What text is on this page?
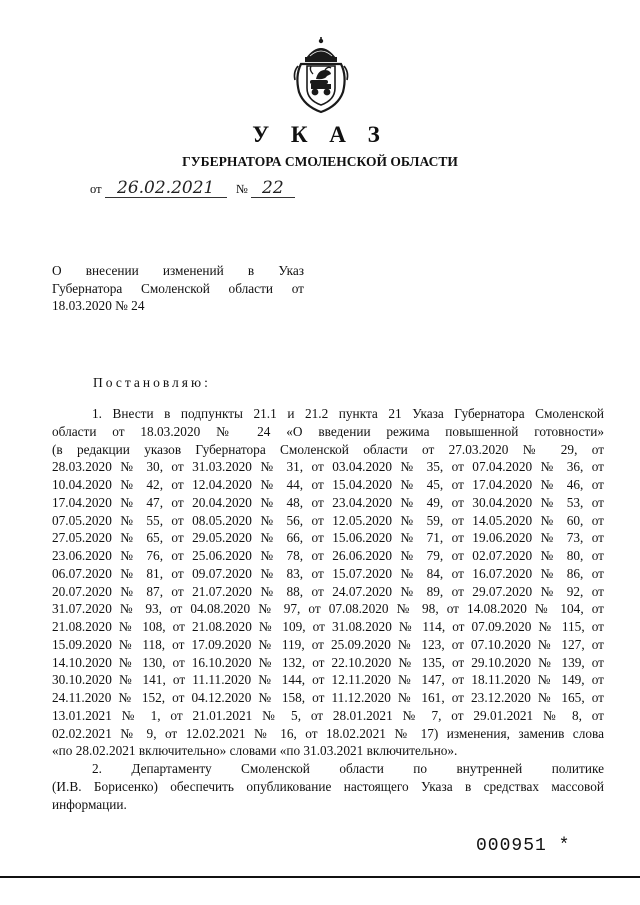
У К А З
ГУБЕРНАТОРА СМОЛЕНСКОЙ ОБЛАСТИ
от 26.02.2021 № 22
О внесении изменений в Указ
Губернатора Смоленской области от
18.03.2020 № 24
Постановляю:
1. Внести в подпункты 21.1 и 21.2 пункта 21 Указа Губернатора Смоленской
области от 18.03.2020 № 24 «О введении режима повышенной готовности»
(в редакции указов Губернатора Смоленской области от 27.03.2020 № 29, от
28.03.2020 № 30, от 31.03.2020 № 31, от 03.04.2020 № 35, от 07.04.2020 № 36, от
10.04.2020 № 42, от 12.04.2020 № 44, от 15.04.2020 № 45, от 17.04.2020 № 46, от
17.04.2020 № 47, от 20.04.2020 № 48, от 23.04.2020 № 49, от 30.04.2020 № 53, от
07.05.2020 № 55, от 08.05.2020 № 56, от 12.05.2020 № 59, от 14.05.2020 № 60, от
27.05.2020 № 65, от 29.05.2020 № 66, от 15.06.2020 № 71, от 19.06.2020 № 73, от
23.06.2020 № 76, от 25.06.2020 № 78, от 26.06.2020 № 79, от 02.07.2020 № 80, от
06.07.2020 № 81, от 09.07.2020 № 83, от 15.07.2020 № 84, от 16.07.2020 № 86, от
20.07.2020 № 87, от 21.07.2020 № 88, от 24.07.2020 № 89, от 29.07.2020 № 92, от
31.07.2020 № 93, от 04.08.2020 № 97, от 07.08.2020 № 98, от 14.08.2020 № 104, от
21.08.2020 № 108, от 21.08.2020 № 109, от 31.08.2020 № 114, от 07.09.2020 № 115, от
15.09.2020 № 118, от 17.09.2020 № 119, от 25.09.2020 № 123, от 07.10.2020 № 127, от
14.10.2020 № 130, от 16.10.2020 № 132, от 22.10.2020 № 135, от 29.10.2020 № 139, от
30.10.2020 № 141, от 11.11.2020 № 144, от 12.11.2020 № 147, от 18.11.2020 № 149, от
24.11.2020 № 152, от 04.12.2020 № 158, от 11.12.2020 № 161, от 23.12.2020 № 165, от
13.01.2021 № 1, от 21.01.2021 № 5, от 28.01.2021 № 7, от 29.01.2021 № 8, от
02.02.2021 № 9, от 12.02.2021 № 16, от 18.02.2021 № 17) изменения, заменив слова
«по 28.02.2021 включительно» словами «по 31.03.2021 включительно».
2. Департаменту Смоленской области по внутренней политике
(И.В. Борисенко) обеспечить опубликование настоящего Указа в средствах массовой
информации.
000951 *
